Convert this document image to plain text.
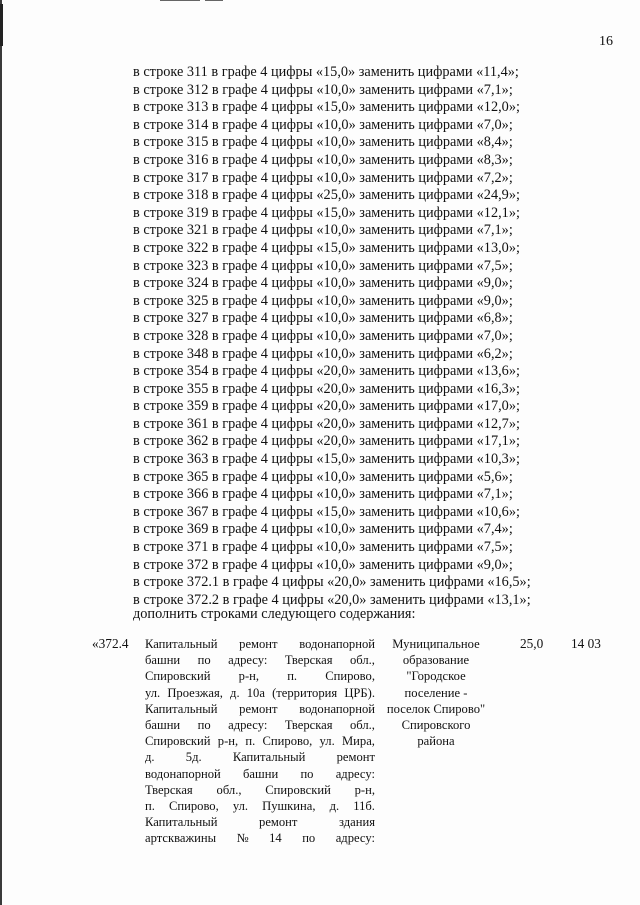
16
в строке 311 в графе 4 цифры «15,0» заменить цифрами «11,4»;
в строке 312 в графе 4 цифры «10,0» заменить цифрами «7,1»;
в строке 313 в графе 4 цифры «15,0» заменить цифрами «12,0»;
в строке 314 в графе 4 цифры «10,0» заменить цифрами «7,0»;
в строке 315 в графе 4 цифры «10,0» заменить цифрами «8,4»;
в строке 316 в графе 4 цифры «10,0» заменить цифрами «8,3»;
в строке 317 в графе 4 цифры «10,0» заменить цифрами «7,2»;
в строке 318 в графе 4 цифры «25,0» заменить цифрами «24,9»;
в строке 319 в графе 4 цифры «15,0» заменить цифрами «12,1»;
в строке 321 в графе 4 цифры «10,0» заменить цифрами «7,1»;
в строке 322 в графе 4 цифры «15,0» заменить цифрами «13,0»;
в строке 323 в графе 4 цифры «10,0» заменить цифрами «7,5»;
в строке 324 в графе 4 цифры «10,0» заменить цифрами «9,0»;
в строке 325 в графе 4 цифры «10,0» заменить цифрами «9,0»;
в строке 327 в графе 4 цифры «10,0» заменить цифрами «6,8»;
в строке 328 в графе 4 цифры «10,0» заменить цифрами «7,0»;
в строке 348 в графе 4 цифры «10,0» заменить цифрами «6,2»;
в строке 354 в графе 4 цифры «20,0» заменить цифрами «13,6»;
в строке 355 в графе 4 цифры «20,0» заменить цифрами «16,3»;
в строке 359 в графе 4 цифры «20,0» заменить цифрами «17,0»;
в строке 361 в графе 4 цифры «20,0» заменить цифрами «12,7»;
в строке 362 в графе 4 цифры «20,0» заменить цифрами «17,1»;
в строке 363 в графе 4 цифры «15,0» заменить цифрами «10,3»;
в строке 365 в графе 4 цифры «10,0» заменить цифрами «5,6»;
в строке 366 в графе 4 цифры «10,0» заменить цифрами «7,1»;
в строке 367 в графе 4 цифры «15,0» заменить цифрами «10,6»;
в строке 369 в графе 4 цифры «10,0» заменить цифрами «7,4»;
в строке 371 в графе 4 цифры «10,0» заменить цифрами «7,5»;
в строке 372 в графе 4 цифры «10,0» заменить цифрами «9,0»;
в строке 372.1 в графе 4 цифры «20,0» заменить цифрами «16,5»;
в строке 372.2 в графе 4 цифры «20,0» заменить цифрами «13,1»;
дополнить строками следующего содержания:
«372.4 Капитальный ремонт водонапорной
башни по адресу: Тверская обл.,
Спировский р-н, п. Спирово,
ул. Проезжая, д. 10а (территория ЦРБ).
Капитальный ремонт водонапорной
башни по адресу: Тверская обл.,
Спировский р-н, п. Спирово, ул. Мира,
д. 5д. Капитальный ремонт
водонапорной башни по адресу:
Тверская обл., Спировский р-н,
п. Спирово, ул. Пушкина, д. 11б.
Капитальный	ремонт	здания
артскважины № 14 по адресу:
Муниципальное
образование
"Городское
поселение -
поселок Спирово"
Спировского
района
25,0 14 03
